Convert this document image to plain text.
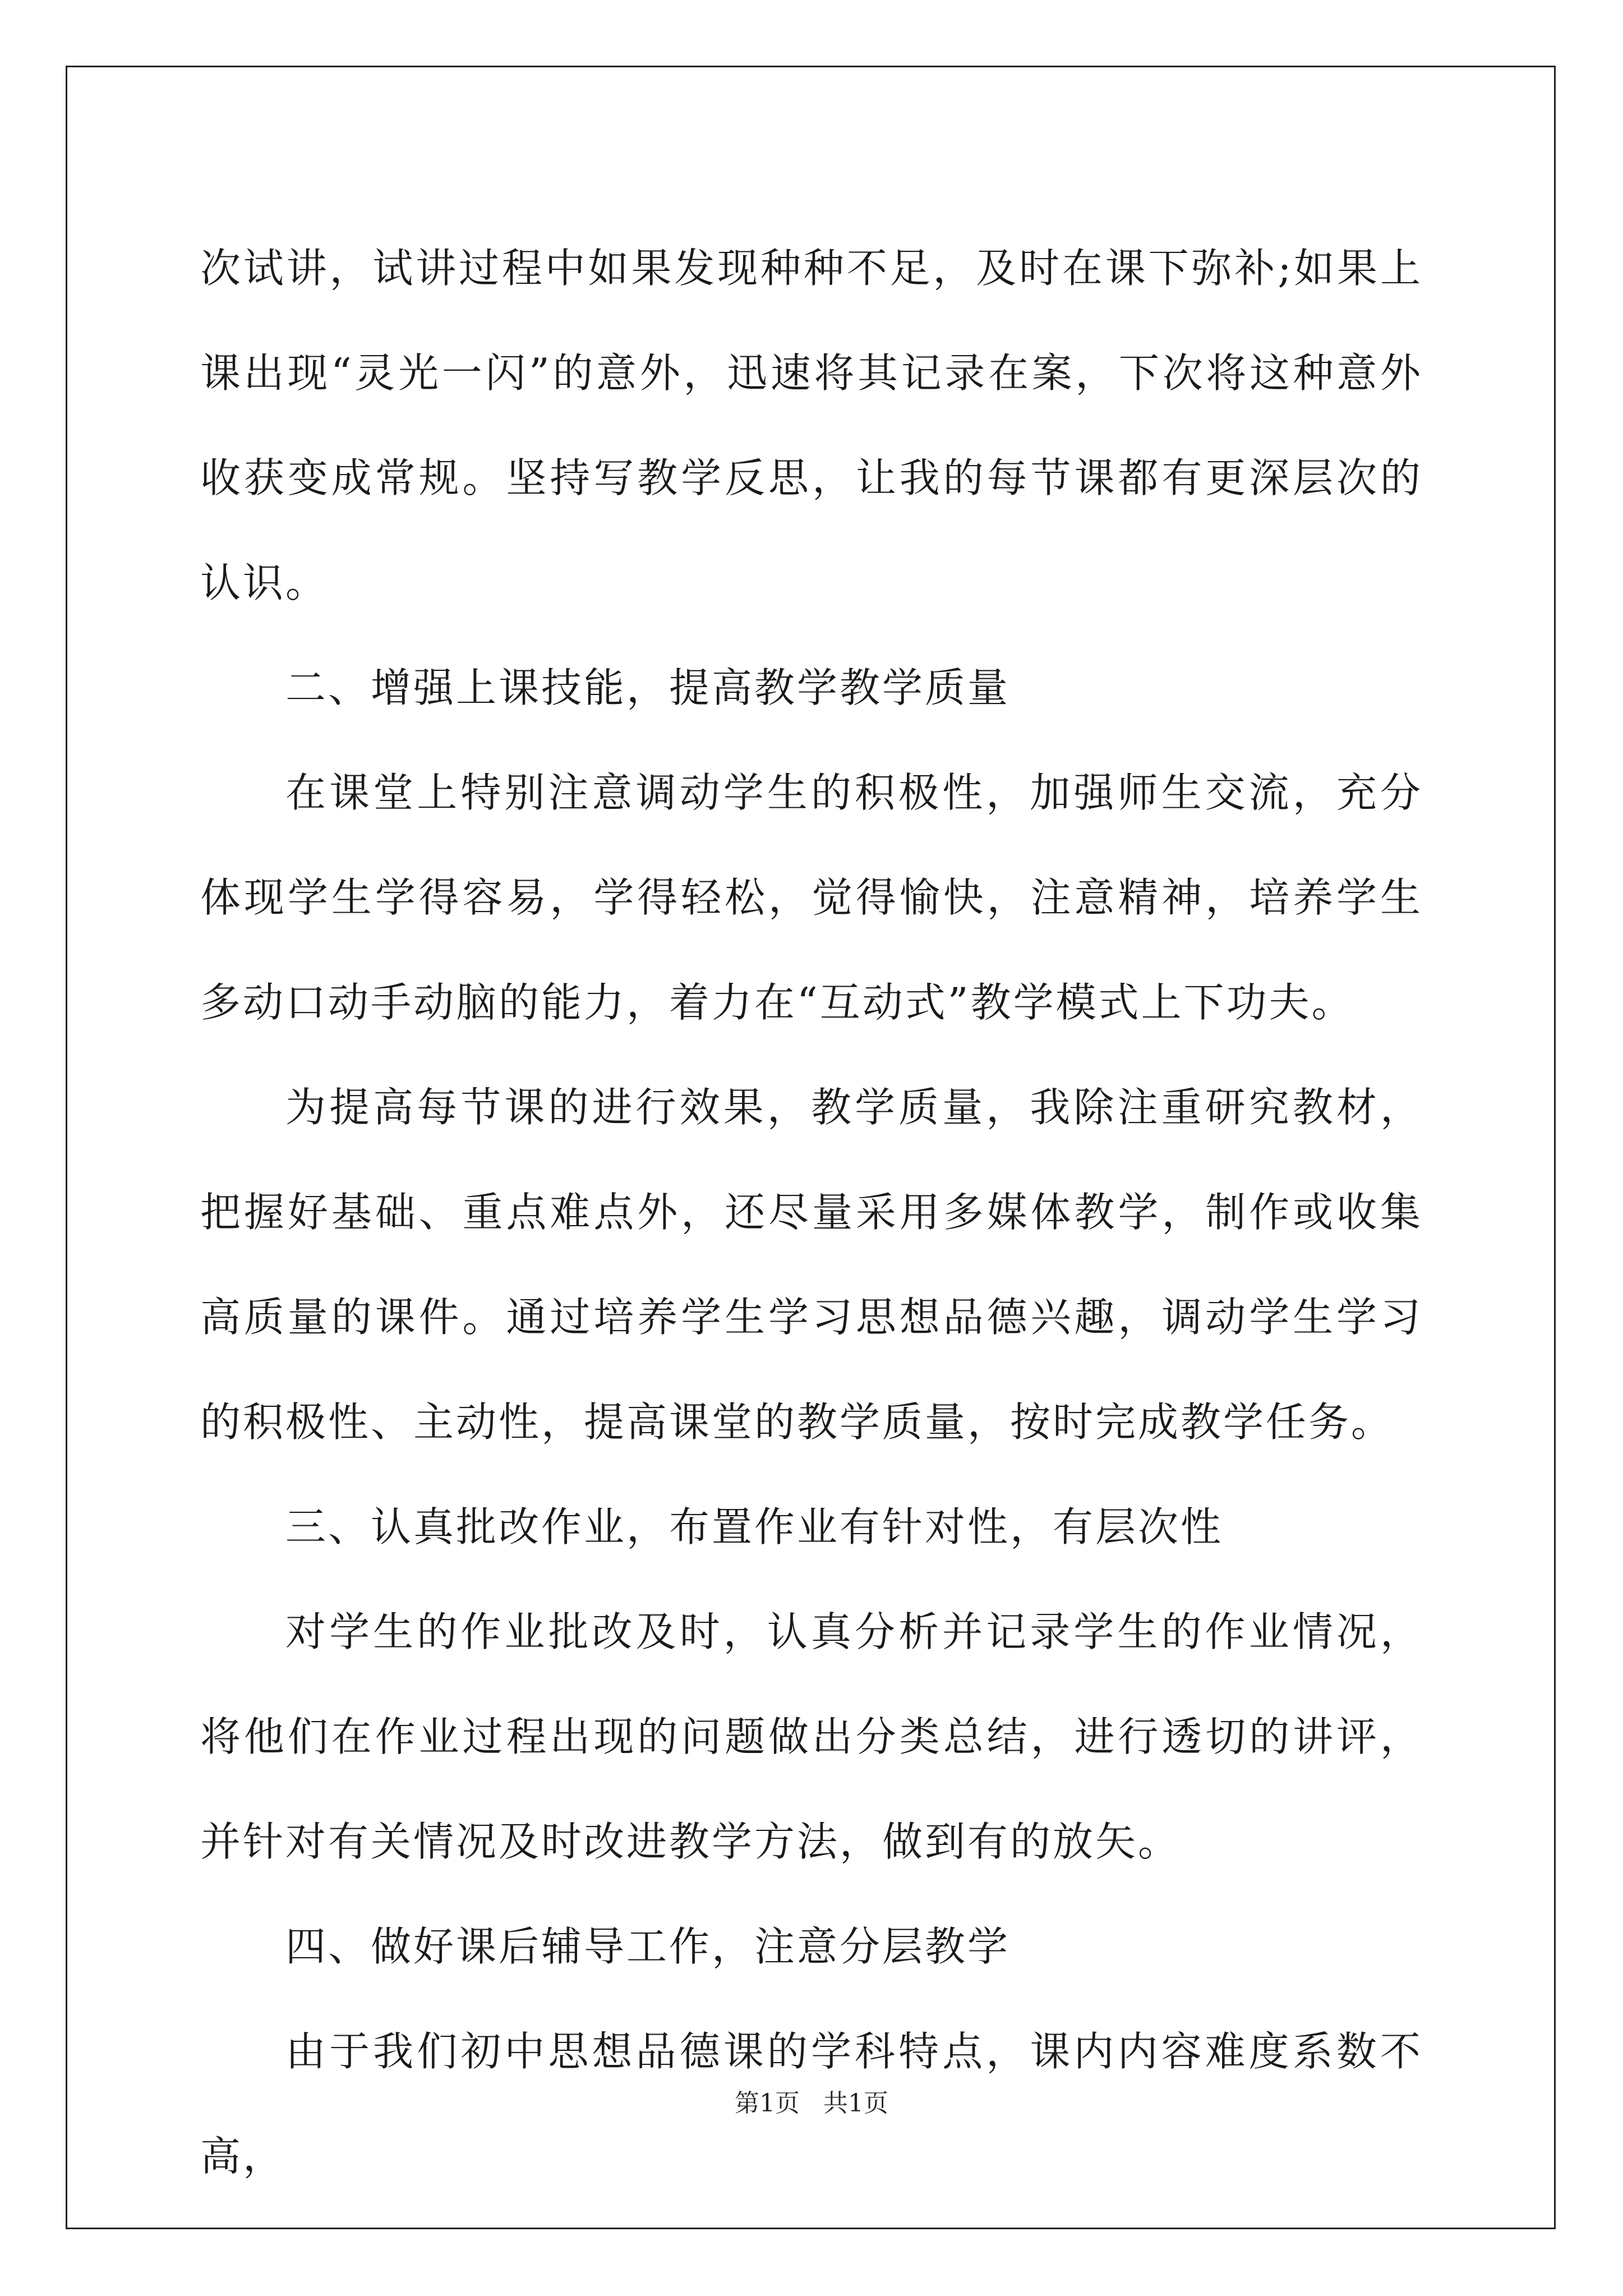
次试讲，试讲过程中如果发现种种不足，及时在课下弥补;如果上课出现“灵光一闪”的意外，迅速将其记录在案，下次将这种意外收获变成常规。坚持写教学反思，让我的每节课都有更深层次的认识。

二、增强上课技能，提高教学教学质量

在课堂上特别注意调动学生的积极性，加强师生交流，充分体现学生学得容易，学得轻松，觉得愉快，注意精神，培养学生多动口动手动脑的能力，着力在“互动式”教学模式上下功夫。

为提高每节课的进行效果，教学质量，我除注重研究教材，把握好基础、重点难点外，还尽量采用多媒体教学，制作或收集高质量的课件。通过培养学生学习思想品德兴趣，调动学生学习的积极性、主动性，提高课堂的教学质量，按时完成教学任务。

三、认真批改作业，布置作业有针对性，有层次性

对学生的作业批改及时，认真分析并记录学生的作业情况，将他们在作业过程出现的问题做出分类总结，进行透切的讲评，并针对有关情况及时改进教学方法，做到有的放矢。

四、做好课后辅导工作，注意分层教学

由于我们初中思想品德课的学科特点，课内内容难度系数不高，

第1页 共1页
